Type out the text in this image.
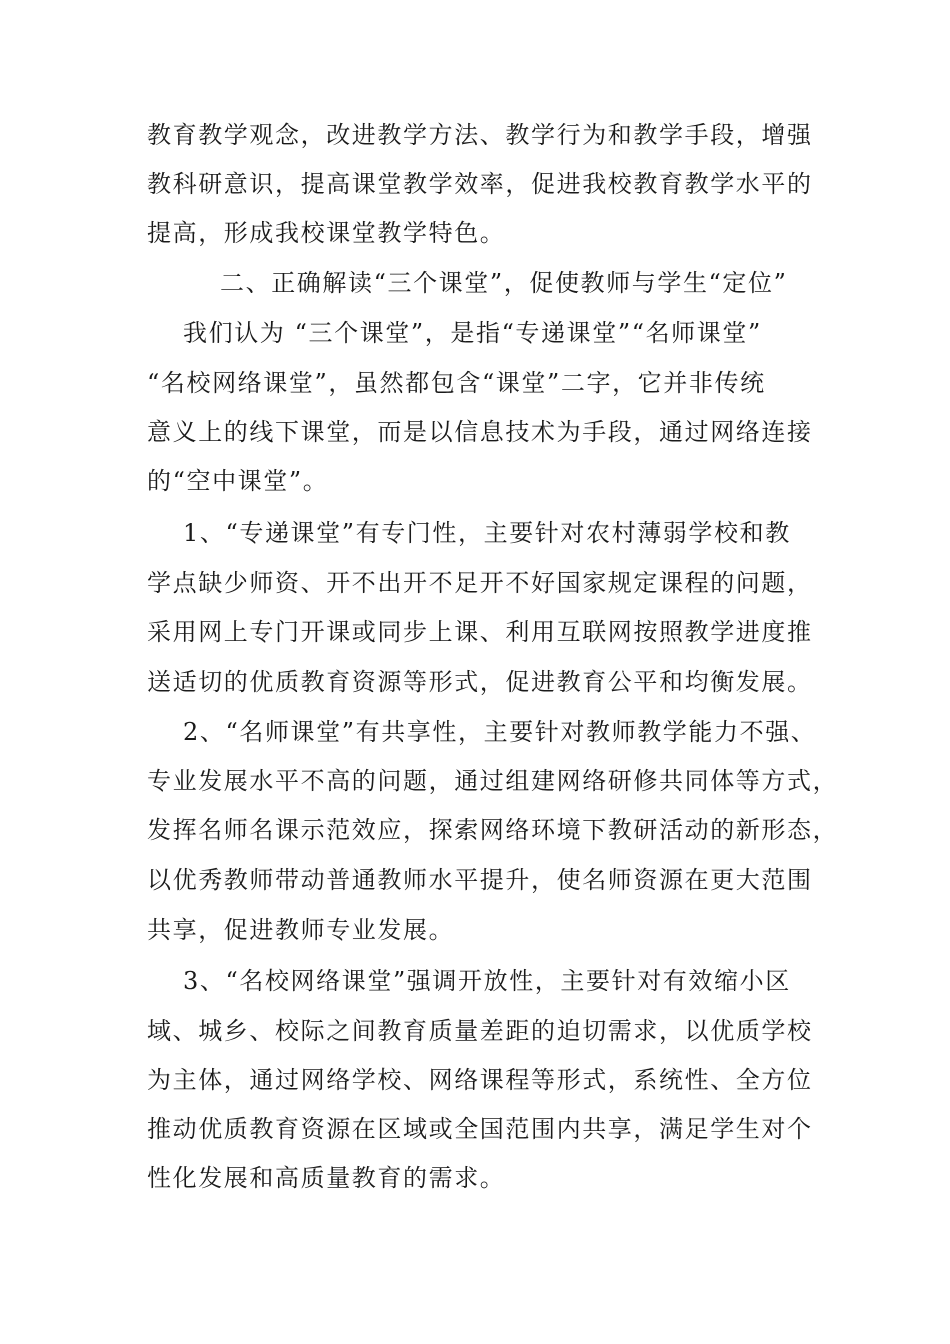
教育教学观念，改进教学方法、教学行为和教学手段，增强
教科研意识，提高课堂教学效率，促进我校教育教学水平的
提高，形成我校课堂教学特色。
二、正确解读“三个课堂”，促使教师与学生“定位”
我们认为 “三个课堂”，是指“专递课堂”“名师课堂”
“名校网络课堂”，虽然都包含“课堂”二字，它并非传统
意义上的线下课堂，而是以信息技术为手段，通过网络连接
的“空中课堂”。
1、“专递课堂”有专门性，主要针对农村薄弱学校和教
学点缺少师资、开不出开不足开不好国家规定课程的问题，
采用网上专门开课或同步上课、利用互联网按照教学进度推
送适切的优质教育资源等形式，促进教育公平和均衡发展。
2、“名师课堂”有共享性，主要针对教师教学能力不强、
专业发展水平不高的问题，通过组建网络研修共同体等方式，
发挥名师名课示范效应，探索网络环境下教研活动的新形态，
以优秀教师带动普通教师水平提升，使名师资源在更大范围
共享，促进教师专业发展。
3、“名校网络课堂”强调开放性，主要针对有效缩小区
域、城乡、校际之间教育质量差距的迫切需求，以优质学校
为主体，通过网络学校、网络课程等形式，系统性、全方位
推动优质教育资源在区域或全国范围内共享，满足学生对个
性化发展和高质量教育的需求。
